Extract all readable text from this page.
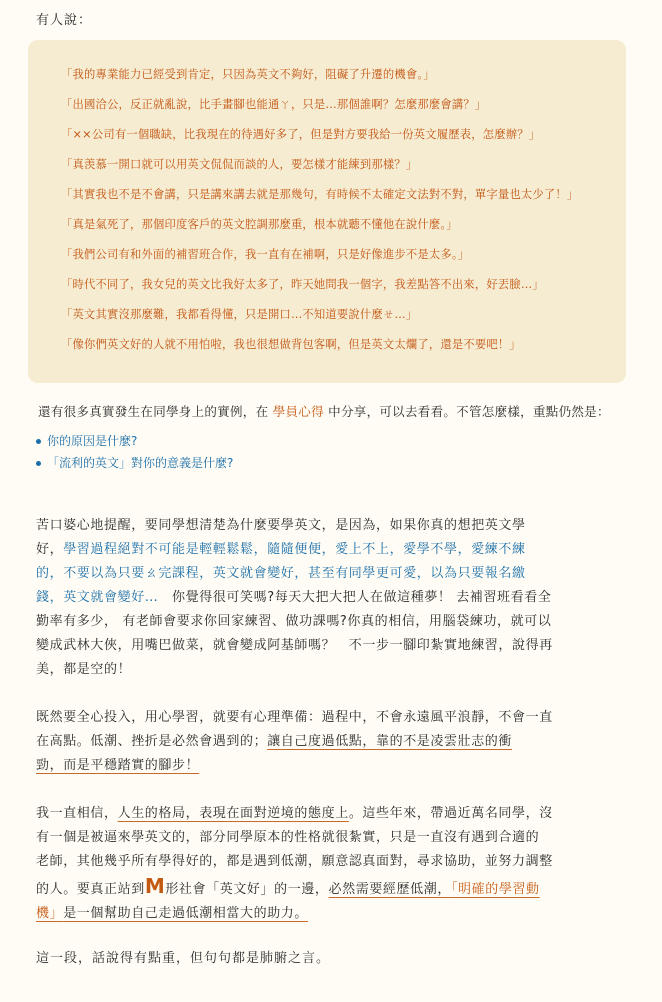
有人說：
「我的專業能力已經受到肯定，只因為英文不夠好，阻礙了升遷的機會。」
「出國洽公，反正就亂說，比手畫腳也能通ㄚ，只是…那個誰啊？怎麼那麼會講？」
「××公司有一個職缺，比我現在的待遇好多了，但是對方要我給一份英文履歷表，怎麼辦？」
「真羡慕一開口就可以用英文侃侃而談的人，要怎樣才能練到那樣？」
「其實我也不是不會講，只是講來講去就是那幾句，有時候不太確定文法對不對，單字量也太少了！」
「真是氣死了，那個印度客戶的英文腔調那麼重，根本就聽不懂他在說什麼。」
「我們公司有和外面的補習班合作，我一直有在補啊，只是好像進步不是太多。」
「時代不同了，我女兒的英文比我好太多了，昨天她問我一個字，我差點答不出來，好丟臉…」
「英文其實沒那麼難，我都看得懂，只是開口…不知道要說什麼ㄝ…」
「像你們英文好的人就不用怕啦，我也很想做背包客啊，但是英文太爛了，還是不要吧！」
還有很多真實發生在同學身上的實例，在 學員心得 中分享，可以去看看。不管怎麼樣，重點仍然是：
你的原因是什麼?
「流利的英文」對你的意義是什麼?
苦口婆心地提醒，要同學想清楚為什麼要學英文，是因為，如果你真的想把英文學
好，學習過程絕對不可能是輕輕鬆鬆，隨隨便便，愛上不上，愛學不學，愛練不練
的，不要以為只要ㄠ完課程，英文就會變好，甚至有同學更可愛，以為只要報名繳
錢，英文就會變好…　 你覺得很可笑嗎?每天大把大把人在做這種夢！ 去補習班看看全
勤率有多少， 有老師會要求你回家練習、做功課嗎?你真的相信，用腦袋練功，就可以
變成武林大俠，用嘴巴做菜，就會變成阿基師嗎？　不一步一腳印紮實地練習，說得再
美，都是空的！
既然要全心投入，用心學習，就要有心理準備：過程中，不會永遠風平浪靜，不會一直
在高點。低潮、挫折是必然會遇到的；讓自己度過低點，靠的不是凌雲壯志的衝
勁，而是平穩踏實的腳步！
我一直相信，人生的格局，表現在面對逆境的態度上。這些年來，帶過近萬名同學，沒
有一個是被逼來學英文的，部分同學原本的性格就很紮實，只是一直沒有遇到合適的
老師，其他幾乎所有學得好的，都是遇到低潮，願意認真面對，尋求協助，並努力調整
的人。要真正站到M形社會「英文好」的一邊，必然需要經歷低潮，「明確的學習動
機」是一個幫助自己走過低潮相當大的助力。
這一段，話說得有點重，但句句都是肺腑之言。
